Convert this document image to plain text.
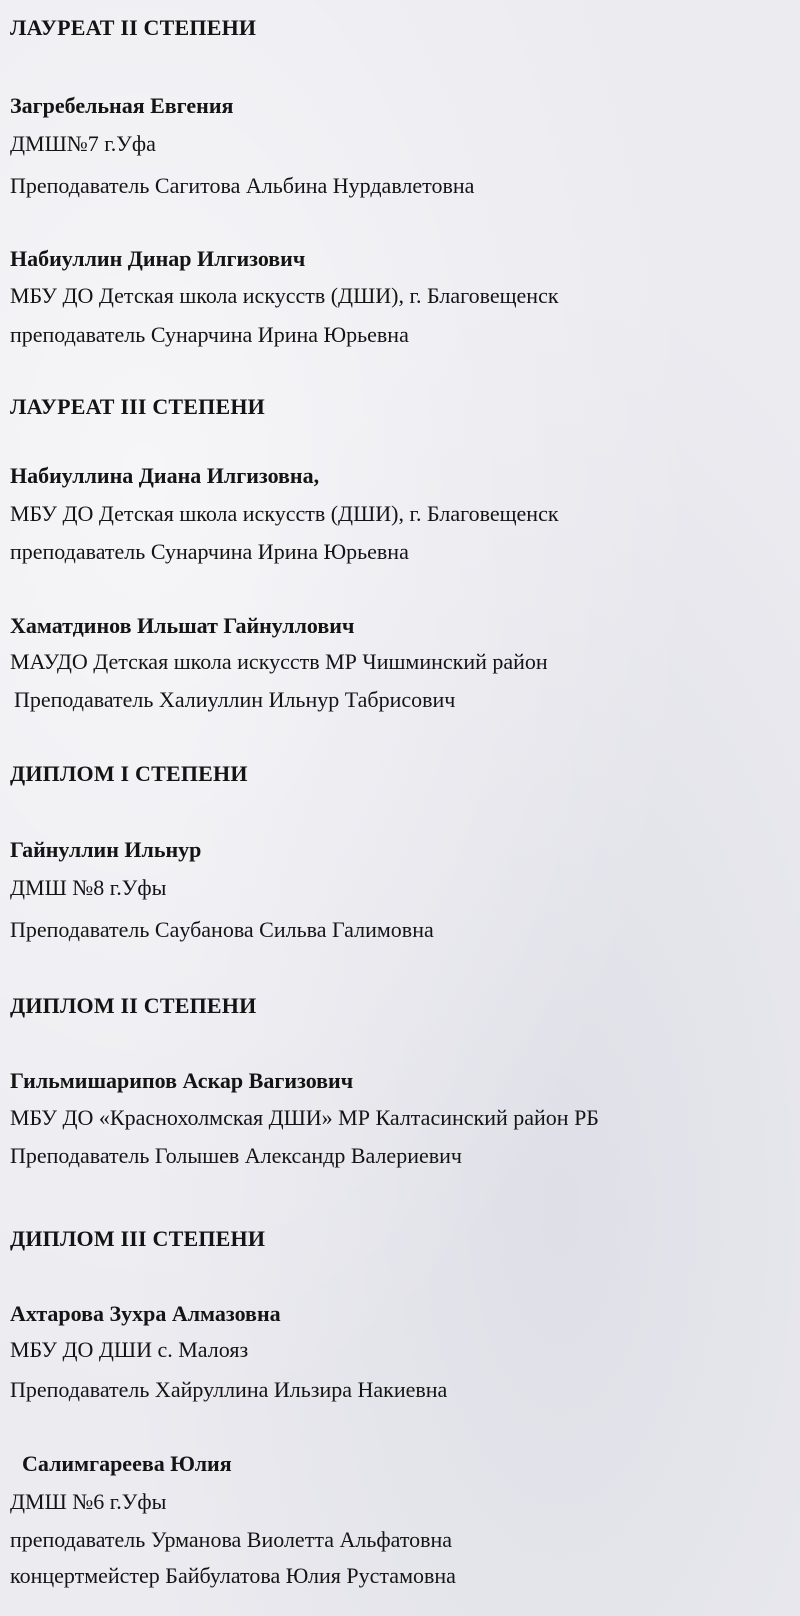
ЛАУРЕАТ II СТЕПЕНИ
Загребельная Евгения
ДМШ№7 г.Уфа
Преподаватель Сагитова Альбина Нурдавлетовна
Набиуллин Динар Илгизович
МБУ ДО Детская школа искусств (ДШИ), г. Благовещенск
преподаватель Сунарчина Ирина Юрьевна
ЛАУРЕАТ III СТЕПЕНИ
Набиуллина Диана Илгизовна,
МБУ ДО Детская школа искусств (ДШИ), г. Благовещенск
преподаватель Сунарчина Ирина Юрьевна
Хаматдинов Ильшат Гайнуллович
МАУДО Детская школа искусств МР Чишминский район
Преподаватель Халиуллин Ильнур Табрисович
ДИПЛОМ I СТЕПЕНИ
Гайнуллин Ильнур
ДМШ №8 г.Уфы
Преподаватель Сaубанова Сильва Галимовна
ДИПЛОМ II СТЕПЕНИ
Гильмишарипов Аскар Вагизович
МБУ ДО «Краснохолмская ДШИ» МР Калтасинский район РБ
Преподаватель Голышев Александр Валериевич
ДИПЛОМ III СТЕПЕНИ
Ахтарова Зухра Алмазовна
МБУ ДО ДШИ с. Малояз
Преподаватель Хайруллина Ильзира Накиевна
Салимгареева Юлия
ДМШ №6 г.Уфы
преподаватель Урманова Виолетта Альфатовна
концертмейстер Байбулатова Юлия Рустамовна
